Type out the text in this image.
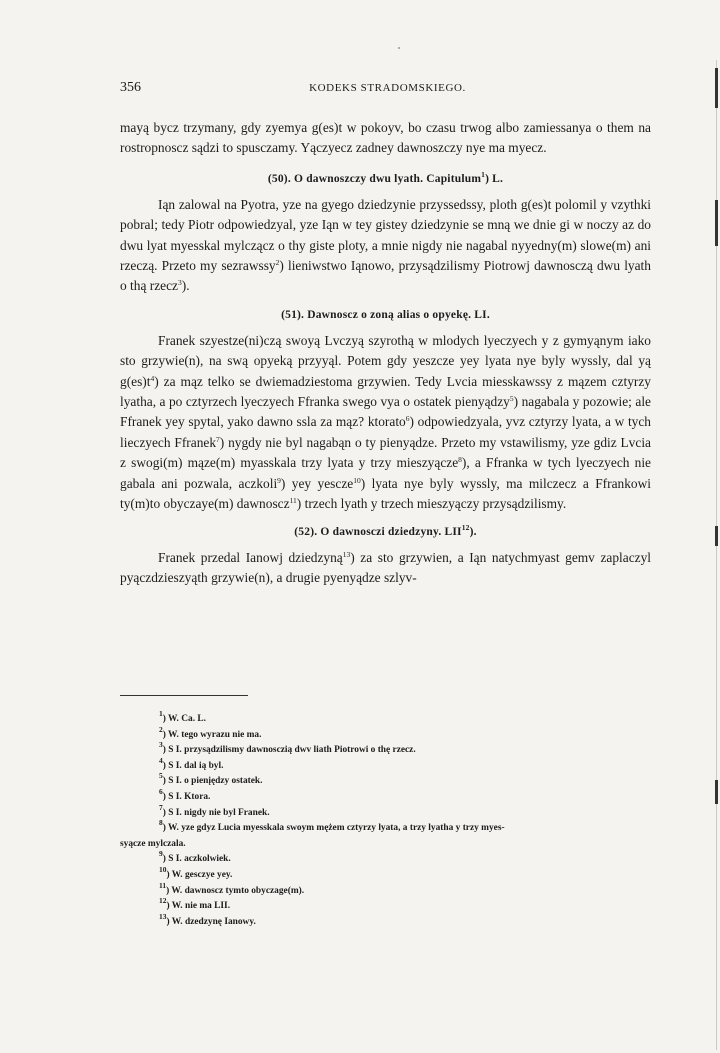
356	KODEKS STRADOMSKIEGO.

mayą bycz trzymany, gdy zyemya g(es)t w pokoyv, bo czasu trwog albo zamiessanya o them na rostropnoscz sądzi to spusczamy. Yączyecz zadney dawnoszczy nye ma myecz.

(50). O dawnoszczy dwu lyath. Capitulum$^1$) L.

Iąn zalowal na Pyotra, yze na gyego dziedzynie przyssedssy, ploth g(es)t polomil y vzythki pobral; tedy Piotr odpowiedzyal, yze Iąn w tey gistey dziedzynie se mną we dnie gi w noczy az do dwu lyat myesskal mylcząсz o thy giste ploty, a mnie nigdy nie nagabal nyyedny(m) slowe(m) ani rzeczą. Przeto my sezrawssy$^2$) lieniwstwo Iąnowo, przysądzilismy Piotrowj dawnosczą dwu lyath o thą rzecz$^3$).

(51). Dawnoscz o zoną alias o opyekę. LI.

Franek szyestze(ni)czą swoyą Lvczyą szyrothą w mlodych lyeczyech y z gymyąnym iako sto grzywie(n), na swą opyeką przyyąl. Potem gdy yeszcze yey lyata nye byly wyssly, dal yą $g(es)t^4$) za mąz telko se dwiemadziestoma grzywien. Tedy Lvcia miesskawssy z mązem cztyrzy lyatha, a po cztyrzech lyeczyech Ffranka swego vya o ostatek pienyądzy$^5$) nagabala y pozowie; ale Ffranek yey spytal, yako dawno ssla za mąz? ktorato$^6$) odpowiedzyala, yvz cztyrzy lyata, a w tych lieczyech Ffranek$^7$) nygdy nie byl nagabąn o ty pienyądze. Przeto my vstawilismy, yze gdiz Lvcia z swogi(m) mąze(m) myasskala trzy lyata y trzy mieszyącze$^8$), a Ffranka w tych lyeczyech nie gabala ani pozwala, aczkoli$^9$) yey yescze$^{10}$) lyata nye byly wyssly, ma milczecz a Ffrankowi ty(m)to obyczaye(m) dawnosсz$^{11}$) trzech lyath y trzech mieszyączy przysądzilismy.

(52). O dawnosczi dziedzyny. LII$^{12}$).

Franek przedal Ianowj dziedzyną$^{13}$) za sto grzywien, a Iąn natychmyast gemv zaplaczyl pyączdzieszyąth grzywie(n), a drugie pyenyądze szlyv-

$^1$) W. Ca. L.
$^2$) W. tego wyrazu nie ma.
$^3$) S I. przysądzilismy dawnosczią dwv liath Piotrowi o thę rzecz.
$^4$) S I. dal ią byl.
$^5$) S I. o pienįędzy ostatek.
$^6$) S I. Ktora.
$^7$) S I. nigdy nie byl Franek.
$^8$) W. yze gdyz Lucia myesskala swoym mężem cztyrzy lyata, a trzy lyatha y trzy myes-
syącze mylczala.
$^9$) S I. aczkolwiek.
$^{10}$) W. gesczye yey.
$^{11}$) W. dawnoscz tymto obyczage(m).
$^{12}$) W. nie ma LII.
$^{13}$) W. dzedzynę Ianowy.
